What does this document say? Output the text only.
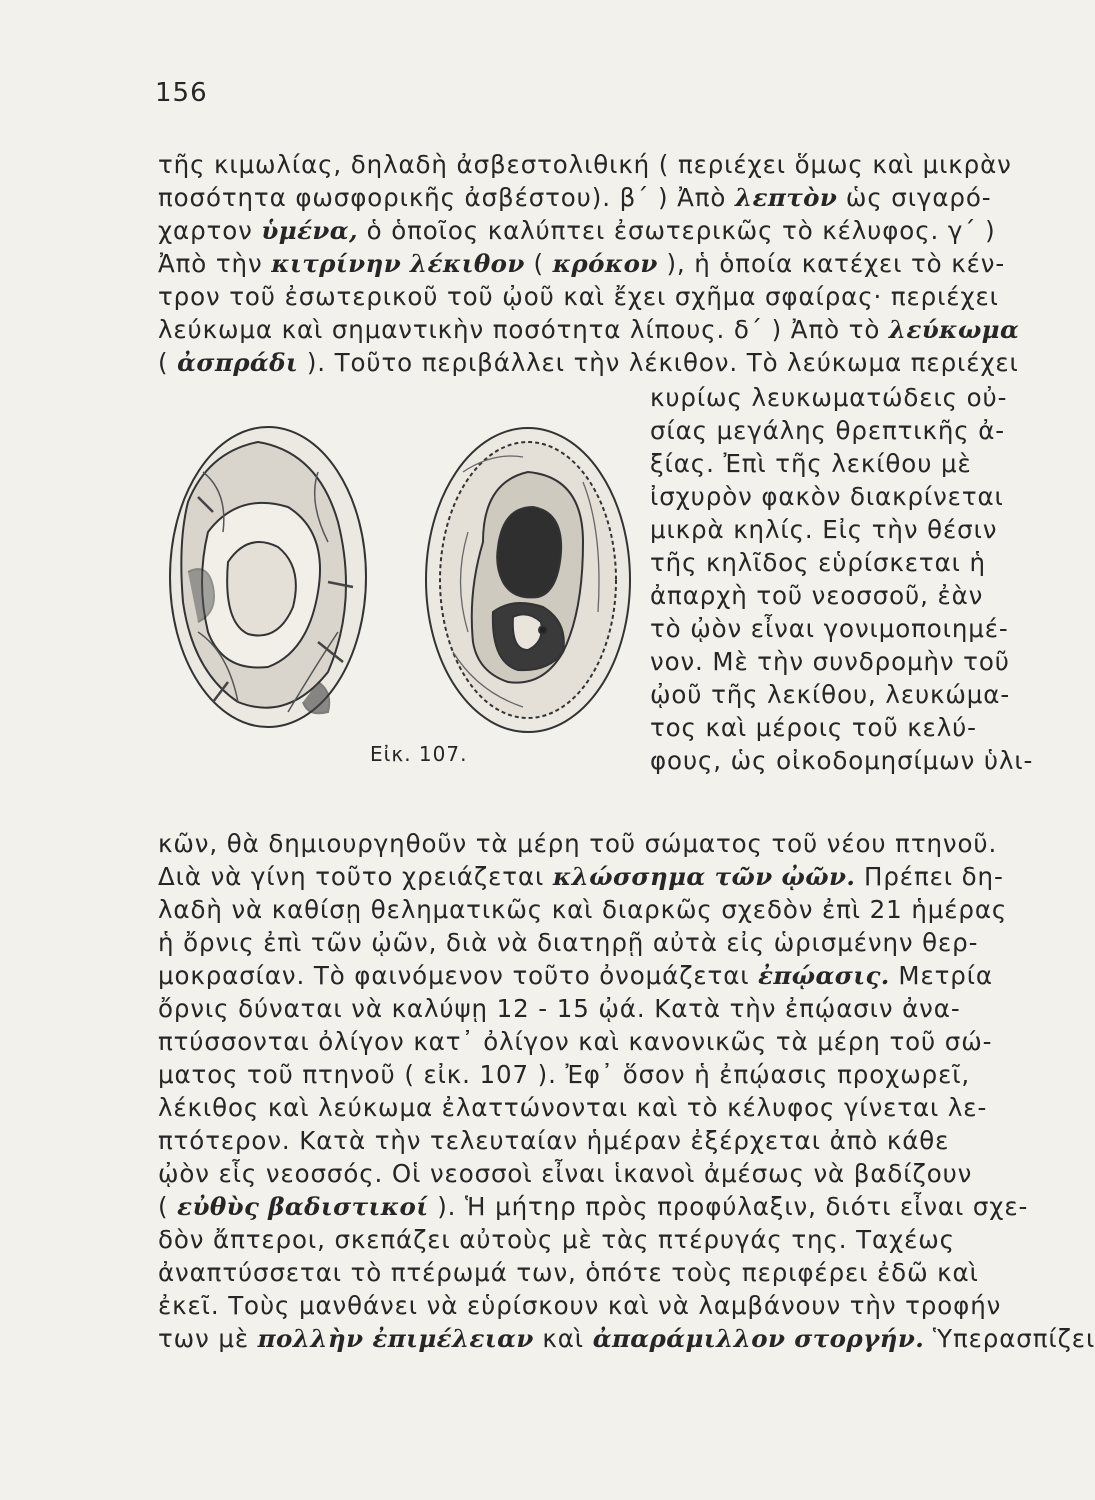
156
τῆς κιμωλίας, δηλαδὴ ἀσβεστολιθική ( περιέχει ὅμως καὶ μικρὰν
ποσότητα φωσφορικῆς ἀσβέστου). β΄ ) Ἀπὸ λεπτὸν ὡς σιγαρό-
χαρτον ὑμένα, ὁ ὁποῖος καλύπτει ἐσωτερικῶς τὸ κέλυφος. γ΄ )
Ἀπὸ τὴν κιτρίνην λέκιθον ( κρόκον ), ἡ ὁποία κατέχει τὸ κέν-
τρον τοῦ ἐσωτερικοῦ τοῦ ᾠοῦ καὶ ἔχει σχῆμα σφαίρας· περιέχει
λεύκωμα καὶ σημαντικὴν ποσότητα λίπους. δ΄ ) Ἀπὸ τὸ λεύκωμα
( ἀσπράδι ). Τοῦτο περιβάλλει τὴν λέκιθον. Τὸ λεύκωμα περιέχει
κυρίως λευκωματώδεις οὐ-
σίας μεγάλης θρεπτικῆς ἀ-
ξίας. Ἐπὶ τῆς λεκίθου μὲ
ἰσχυρὸν φακὸν διακρίνεται
μικρὰ κηλίς. Εἰς τὴν θέσιν
τῆς κηλῖδος εὑρίσκεται ἡ
ἀπαρχὴ τοῦ νεοσσοῦ, ἐὰν
τὸ ᾠὸν εἶναι γονιμοποιημέ-
νον. Μὲ τὴν συνδρομὴν τοῦ
ᾠοῦ τῆς λεκίθου, λευκώμα-
τος καὶ μέροις τοῦ κελύ-
φους, ὡς οἰκοδομησίμων ὑλι-
Εἰκ. 107.
κῶν, θὰ δημιουργηθοῦν τὰ μέρη τοῦ σώματος τοῦ νέου πτηνοῦ.
Διὰ νὰ γίνη τοῦτο χρειάζεται κλώσσημα τῶν ᾠῶν. Πρέπει δη-
λαδὴ νὰ καθίσῃ θεληματικῶς καὶ διαρκῶς σχεδὸν ἐπὶ 21 ἡμέρας
ἡ ὄρνις ἐπὶ τῶν ᾠῶν, διὰ νὰ διατηρῇ αὐτὰ εἰς ὡρισμένην θερ-
μοκρασίαν. Τὸ φαινόμενον τοῦτο ὀνομάζεται ἐπῴασις. Μετρία
ὄρνις δύναται νὰ καλύψῃ 12 - 15 ᾠά. Κατὰ τὴν ἐπῴασιν ἀνα-
πτύσσονται ὀλίγον κατ᾽ ὀλίγον καὶ κανονικῶς τὰ μέρη τοῦ σώ-
ματος τοῦ πτηνοῦ ( εἰκ. 107 ). Ἐφ᾽ ὅσον ἡ ἐπῴασις προχωρεῖ,
λέκιθος καὶ λεύκωμα ἐλαττώνονται καὶ τὸ κέλυφος γίνεται λε-
πτότερον. Κατὰ τὴν τελευταίαν ἡμέραν ἐξέρχεται ἀπὸ κάθε
ᾠὸν εἷς νεοσσός. Οἱ νεοσσοὶ εἶναι ἱκανοὶ ἀμέσως νὰ βαδίζουν
( εὐθὺς βαδιστικοί ). Ἡ μήτηρ πρὸς προφύλαξιν, διότι εἶναι σχε-
δὸν ἄπτεροι, σκεπάζει αὐτοὺς μὲ τὰς πτέρυγάς της. Ταχέως
ἀναπτύσσεται τὸ πτέρωμά των, ὁπότε τοὺς περιφέρει ἐδῶ καὶ
ἐκεῖ. Τοὺς μανθάνει νὰ εὑρίσκουν καὶ νὰ λαμβάνουν τὴν τροφήν
των μὲ πολλὴν ἐπιμέλειαν καὶ ἀπαράμιλλον στοργήν. Ὑπερασπίζει
